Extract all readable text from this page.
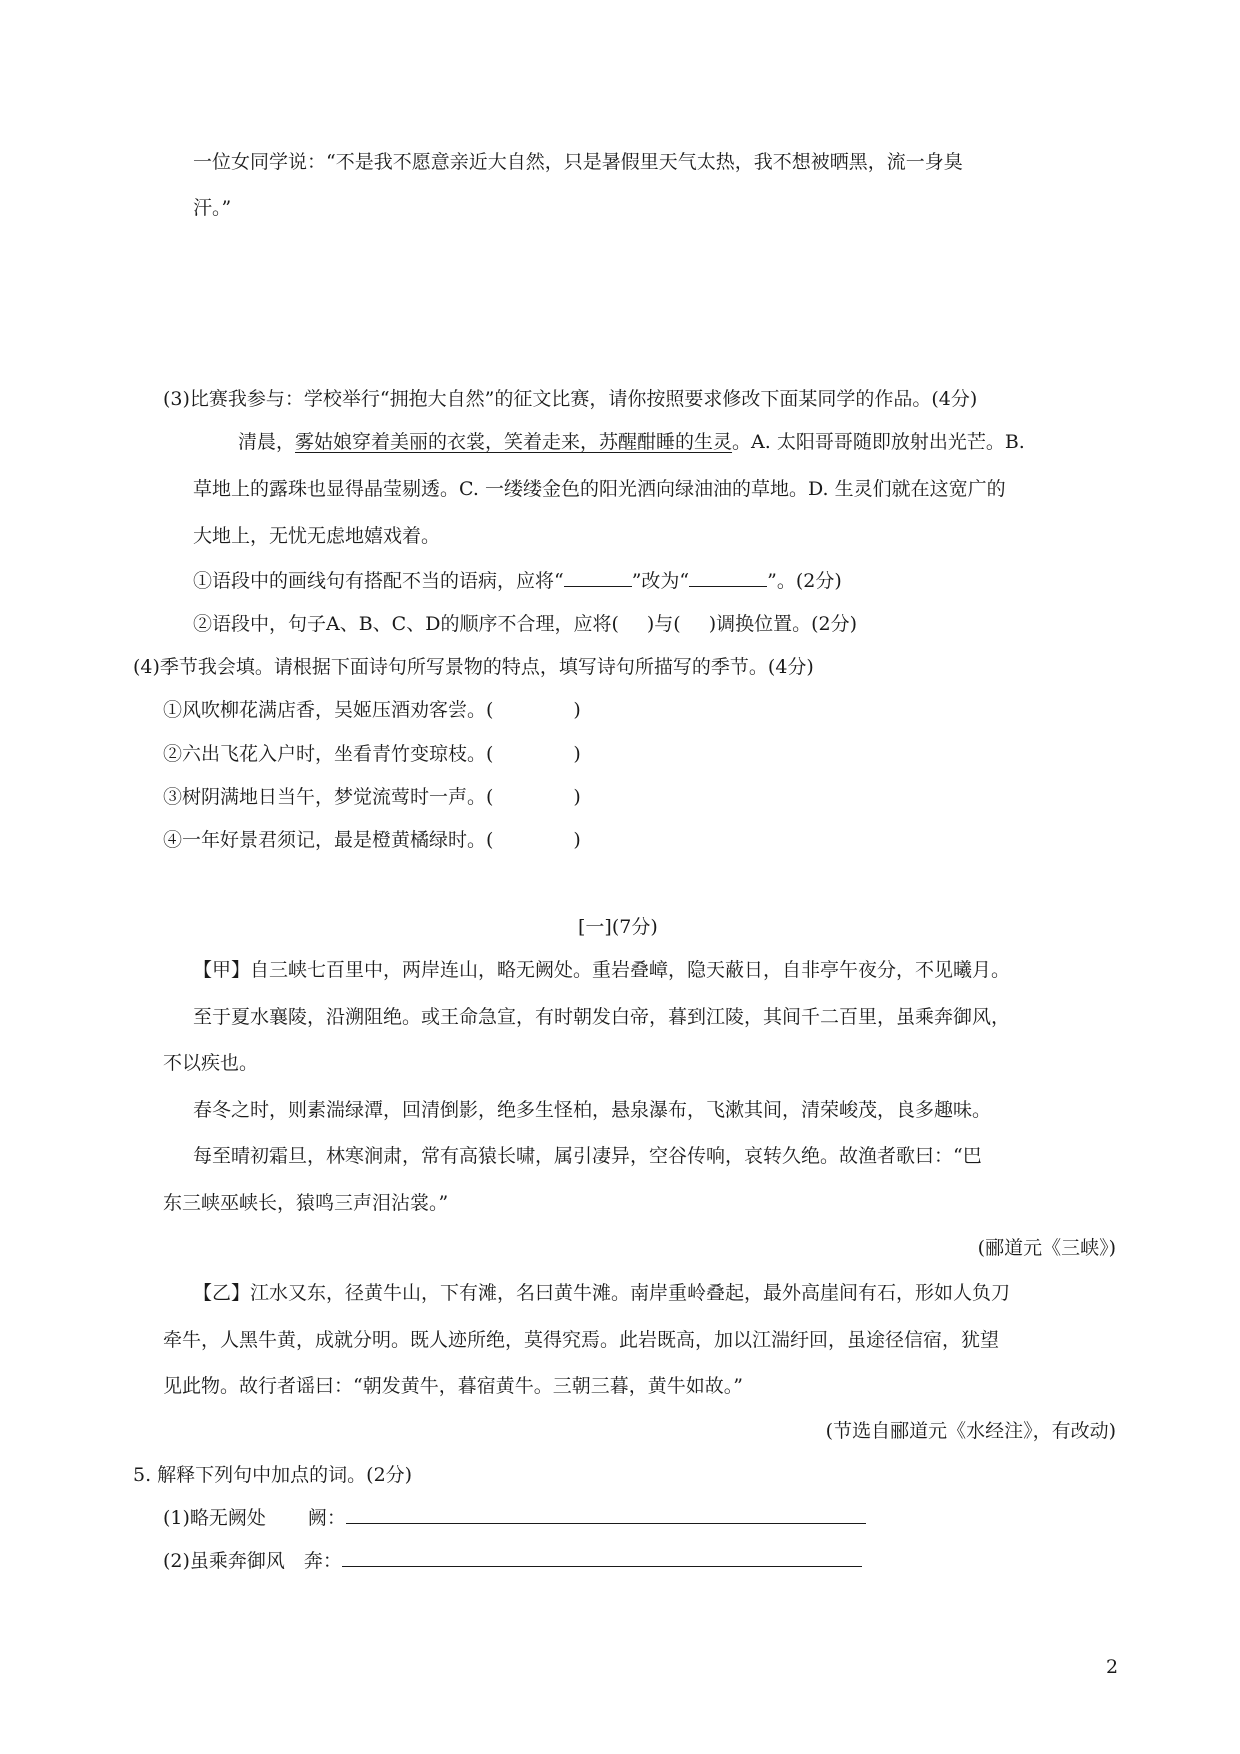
一位女同学说：“不是我不愿意亲近大自然，只是暑假里天气太热，我不想被晒黑，流一身臭
汗。”
(3)比赛我参与：学校举行“拥抱大自然”的征文比赛，请你按照要求修改下面某同学的作品。(4分)
清晨，雾姑娘穿着美丽的衣裳，笑着走来，苏醒酣睡的生灵。A. 太阳哥哥随即放射出光芒。B.
草地上的露珠也显得晶莹剔透。C. 一缕缕金色的阳光洒向绿油油的草地。D. 生灵们就在这宽广的
大地上，无忧无虑地嬉戏着。
①语段中的画线句有搭配不当的语病，应将“	”改为“	”。(2分)
②语段中，句子A、B、C、D的顺序不合理，应将( )与( )调换位置。(2分)
(4)季节我会填。请根据下面诗句所写景物的特点，填写诗句所描写的季节。(4分)
①风吹柳花满店香，吴姬压酒劝客尝。(	)
②六出飞花入户时，坐看青竹变琼枝。(	)
③树阴满地日当午，梦觉流莺时一声。(	)
④一年好景君须记，最是橙黄橘绿时。(	)
[一](7分)
【甲】自三峡七百里中，两岸连山，略无阙处。重岩叠嶂，隐天蔽日，自非亭午夜分，不见曦月。
至于夏水襄陵，沿溯阻绝。或王命急宣，有时朝发白帝，暮到江陵，其间千二百里，虽乘奔御风，
不以疾也。
春冬之时，则素湍绿潭，回清倒影，绝多生怪柏，悬泉瀑布，飞漱其间，清荣峻茂，良多趣味。
每至晴初霜旦，林寒涧肃，常有高猿长啸，属引凄异，空谷传响，哀转久绝。故渔者歌曰：“巴
东三峡巫峡长，猿鸣三声泪沾裳。”
(郦道元《三峡》)
【乙】江水又东，径黄牛山，下有滩，名曰黄牛滩。南岸重岭叠起，最外高崖间有石，形如人负刀
牵牛，人黑牛黄，成就分明。既人迹所绝，莫得究焉。此岩既高，加以江湍纡回，虽途径信宿，犹望
见此物。故行者谣曰：“朝发黄牛，暮宿黄牛。三朝三暮，黄牛如故。”
(节选自郦道元《水经注》，有改动)
5. 解释下列句中加点的词。(2分)
(1)略无阙处 阙：
(2)虽乘奔御风 奔：
2
